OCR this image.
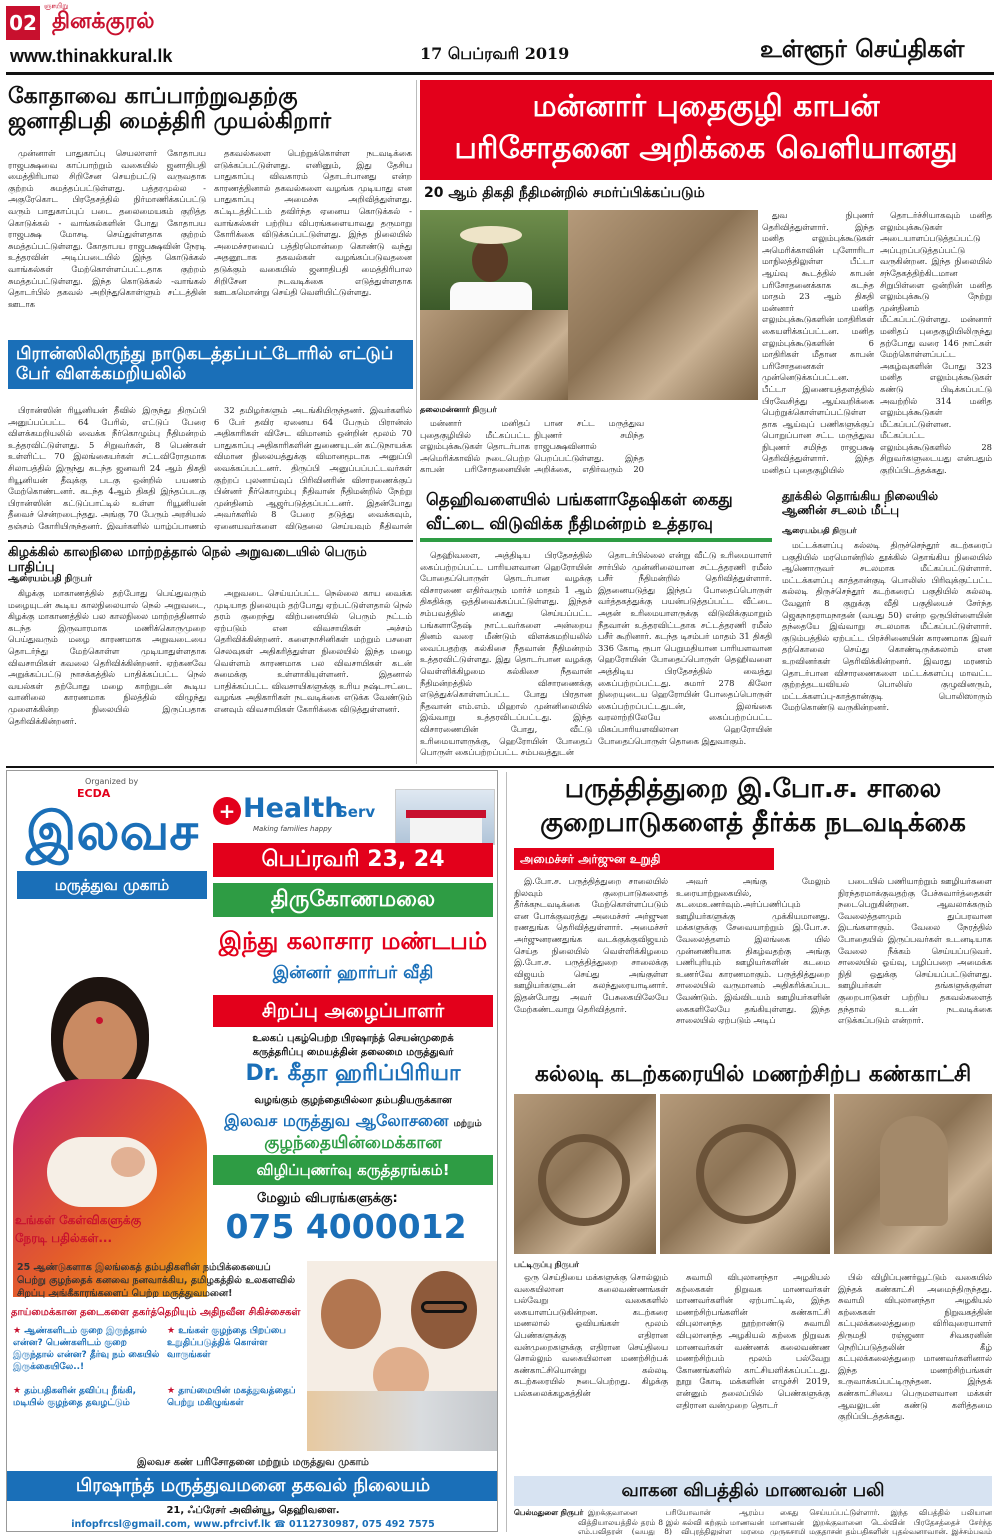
02
ஞாயிறு
தினக்குரல்
www.thinakkural.lk	17 பெப்ரவரி 2019	உள்ளூர் செய்திகள்
கோதாவை காப்பாற்றுவதற்கு
ஜனாதிபதி மைத்திரி முயல்கிறார்

முன்னாள் பாதுகாப்பு செயலாளர் கோதாபய ராஜபக்ஷவை காப்பாற்றும் வகையில் ஜனாதிபதி மைத்திரிபால சிறிசேன செயற்பட்டு வருவதாக குற்றம் சுமத்தப்பட்டுள்ளது. பத்தரமுல்ல - அகுரேகொட பிரதேசத்தில் நிர்மாணிக்கப்பட்டு வரும் பாதுகாப்புப் படை தலைமையகம் குறித்த கொடுக்கல் - வாங்கல்களின் போது கோதாபய ராஜபக்ஷ மோசடி செய்துள்ளதாக குற்றம் சுமத்தப்பட்டுள்ளது. கோதாபய ராஜபக்ஷவின் நேரடி உத்தரவின் அடிப்படையில் இந்த கொடுக்கல் வாங்கல்கள் மேற்கொள்ளப்பட்டதாக குற்றம் சுமத்தப்பட்டுள்ளது. இந்த கொடுக்கல் -வாங்கல் தொடர்பில் தகவல் அறிந்துகொள்ளும் சட்டத்தின் ஊடாக

தகவல்களை பெற்றுக்கொள்ள நடவடிக்கை எடுக்கப்பட்டுள்ளது. எனினும், இது தேசிய பாதுகாப்பு விவகாரம் தொடர்பானது என்ற காரணத்தினால் தகவல்களை வழங்க முடியாது என பாதுகாப்பு அமைச்சு அறிவித்துள்ளது. கட்டிடத்திட்டம் தவிர்ந்த ஏனைய கொடுக்கல் - வாங்கல்கள் பற்றிய விபரங்களையாவது தருமாறு கோரிக்கை விடுக்கப்பட்டுள்ளது. இந்த நிலையில் அமைச்சரவைப் பத்திரமொன்றை கொண்டு வந்து அதனூடாக தகவல்கள் வழங்கப்படுவதனை தடுக்கும் வகையில் ஜனாதிபதி மைத்திரிபால சிறிசேன நடவடிக்கை எடுத்துள்ளதாக ஊடகமொன்று செய்தி வெளியிட்டுள்ளது.

பிரான்ஸிலிருந்து நாடுகடத்தப்பட்டோரில் எட்டுப் பேர் விளக்கமறியலில்

பிரான்ஸின் ரியூனியன் தீவில் இருந்து திருப்பி அனுப்பப்பட்ட 64 பேரில், எட்டுப் பேரை விளக்கமறியலில் வைக்க நீர்கொழும்பு நீதிமன்றம் உத்தரவிட்டுள்ளது. 5 சிறுவர்கள், 8 பெண்கள் உள்ளிட்ட 70 இலங்கையர்கள் சட்டவிரோதமாக சிலாபத்தில் இருந்து கடந்த ஜனவரி 24 ஆம் திகதி ரியூனியன் தீவுக்கு படகு ஒன்றில் பயணம் மேற்கொண்டனர். கடந்த 4ஆம் திகதி இந்தப்படகு பிரான்ஸின் கட்டுப்பாட்டில் உள்ள ரியூனியன் தீவைச் சென்றடைந்தது. அங்கு 70 பேரும் அரசியல் தஞ்சம் கோரியிருந்தனர். இவர்களில் யாழ்ப்பாணம்

32 தமிழர்களும் அடங்கியிருந்தனர். இவர்களில் 6 பேர் தவிர ஏனைய 64 பேரும் பிரான்ஸ் அதிகாரிகள் விசேட விமானம் ஒன்றின் மூலம் 70 பாதுகாப்பு அதிகாரிகளின் துணையுடன் கட்டுநாயக்க விமான நிலையத்துக்கு விமானமூடாக அனுப்பி வைக்கப்பட்டனர். திருப்பி அனுப்பப்பட்டவர்கள் குற்றப் புலனாய்வுப் பிரிவினரின் விசாரணைக்குப் பின்னர் நீர்கொழும்பு நீதிவான் நீதிமன்றில் நேற்று முன்தினம் ஆஜர்படுத்தப்பட்டனர். இதன்போது அவர்களில் 8 பேரை தடுத்து வைக்கவும், ஏனையவர்களை விடுதலை செய்யவும் நீதிவான்

கிழக்கில் காலநிலை மாற்றத்தால் நெல் அறுவடையில் பெரும் பாதிப்பு
ஆரையம்பதி நிருபர்

கிழக்கு மாகாணத்தில் தற்போது பெய்துவரும் மழையுடன் கூடிய காலநிலையால் நெல் அறுவடை, கிழக்கு மாகாணத்தில் பல காலநிலை மாற்றத்தினால் கடந்த இருவாரமாக மணிக்கொருமுறை பெய்துவரும் மழை காரணமாக அறுவடையை தொடர்ந்து மேற்கொள்ள முடியாதுள்ளதாக விவசாயிகள் கவலை தெரிவிக்கின்றனர். ஏற்கனவே அறுக்கப்பட்டு நாசக்கத்தில் பாதிக்கப்பட்ட நெல் வயல்கள் தற்போது மழை காற்றுடன் கூடிய வானிலை காரணமாக நிலத்தில் விழுந்து முளைக்கின்ற நிலையில் இருப்பதாக தெரிவிக்கின்றனர்.

அறுவடை செய்யப்பட்ட நெல்லை காய வைக்க முடியாத நிலையும் தற்போது ஏற்பட்டுள்ளதால் நெல் தரம் குறைந்து விற்பனையில் பெரும் நட்டம் ஏற்படும் என விவசாயிகள் அச்சம் தெரிவிக்கின்றனர். களைநாசினிகள் மற்றும் பசளை செலவுகள் அதிகரித்துள்ள நிலையில் இந்த மழை வெள்ளம் காரணமாக பல விவசாயிகள் கடன் சுமைக்கு உள்ளாகியுள்ளனர். இதனால் பாதிக்கப்பட்ட விவசாயிகளுக்கு உரிய நஷ்டஈட்டை வழங்க அதிகாரிகள் நடவடிக்கை எடுக்க வேண்டும் எனவும் விவசாயிகள் கோரிக்கை விடுத்துள்ளனர்.

மன்னார் புதைகுழி காபன்
பரிசோதனை அறிக்கை வெளியானது
20 ஆம் திகதி நீதிமன்றில் சமர்ப்பிக்கப்படும்
தலைமன்னார் நிருபர்

மன்னார் மனிதப் புதைகுழியில் மீட்கப்பட்ட எலும்புக்கூடுகள் தொடர்பாக அமெரிக்காவில் நடைபெற்ற காபன் பரிசோதனையின்

பான சட்ட மருத்துவ நிபுணர் சமிந்த ராஜபக்ஷவினால் பெறப்பட்டுள்ளது. இந்த அறிக்கை, எதிர்வரும் 20

துவ நிபுணர் தெரிவித்துள்ளார். இந்த மனித எலும்புக்கூடுகள் அமெரிக்காவின் புளோரிடா மாநிலத்திலுள்ள பீட்டா ஆய்வு கூடத்தில் காபன் பரிசோதனைக்காக கடந்த மாதம் 23 ஆம் திகதி மன்னார் மனித எலும்புக்கூடுகளின் மாதிரிகள் கையளிக்கப்பட்டன. மனித எலும்புக்கூடுகளின் 6 மாதிரிகள் மீதான காபன் பரிசோதனைகள் முன்னெடுக்கப்பட்டன. பீட்டா இணையத்தளத்தில் பிரவேசித்து ஆய்வறிக்கை பெற்றுக்கொள்ளப்பட்டுள்ள தாக ஆய்வுப் பணிகளுக்குப் பொறுப்பான சட்ட மருத்துவ நிபுணர் சமிந்த ராஜபக்ஷ தெரிவித்துள்ளார். இந்த மனிதப் புதைகுழியில்

தொடர்ச்சியாகவும் மனித எலும்புக்கூடுகள் அடையாளப்படுத்தப்பட்டு அப்புறப்படுத்தப்பட்டு வருகின்றன. இந்த நிலையில் சந்தேகத்திற்கிடமான சிறுபிள்ளை ஒன்றின் மனித எலும்புக்கூடு நேற்று முன்தினம் மீட்கப்பட்டுள்ளது. மன்னார் மனிதப் புதைகுழியிலிருந்து தற்போது வரை 146 நாட்கள் மேற்கொள்ளப்பட்ட அகழ்வுகளின் போது 323 மனித எலும்புக்கூடுகள் கண்டு பிடிக்கப்பட்டு அவற்றில் 314 மனித எலும்புக்கூடுகள் மீட்கப்பட்டுள்ளன. மீட்கப்பட்ட எலும்புக்கூடுகளில் 28 சிறுவர்களுடையது என்பதும் குறிப்பிடத்தக்கது.

தெஹிவளையில் பங்களாதேஷிகள் கைது
வீட்டை விடுவிக்க நீதிமன்றம் உத்தரவு

தெஹிவளை, அத்திடிய பிரதேசத்தில் கைப்பற்றப்பட்ட பாரியளவான ஹெரோயின் போதைப்பொருள் தொடர்பான வழக்கு விசாரணை எதிர்வரும் மார்ச் மாதம் 1 ஆம் திகதிக்கு ஒத்திவைக்கப்பட்டுள்ளது. இந்தச் சம்பவத்தில் கைது செய்யப்பட்ட பங்களாதேஷ் நாட்டவர்களை அன்றைய தினம் வரை மீண்டும் விளக்கமறியலில் வைப்பதற்கு கல்கிசை நீதவான் நீதிமன்றம் உத்தரவிட்டுள்ளது. இது தொடர்பான வழக்கு வெள்ளிக்கிழமை கல்கிசை நீதவான் நீதிமன்றத்தில் விசாரணைக்கு எடுத்துக்கொள்ளப்பட்ட போது பிரதான நீதவான் எம்.எம். மிஹால் முன்னிலையில் இவ்வாறு உத்தரவிடப்பட்டது. இந்த விசாரணையின் போது, வீட்டு உரிமையாளருக்கு, ஹெரோயின் போதைப் பொருள் கைப்பற்றப்பட்ட சம்பவத்துடன்

தொடர்பில்லை என்று வீட்டு உரிமையாளர் சார்பில் முன்னிலையான சட்டத்தரணி ரமீஸ் பசீர் நீதிமன்றில் தெரிவித்துள்ளார். இதனையடுத்து இந்தப் போதைப்பொருள் வர்த்தகத்துக்கு பயன்படுத்தப்பட்ட வீட்டை அதன் உரிமையாளருக்கு விடுவிக்குமாறும் நீதவான் உத்தரவிட்டதாக சட்டத்தரணி ரமீஸ் பசீர் கூறினார். கடந்த டிசம்பர் மாதம் 31 திகதி 336 கோடி ரூபா பெறுமதியான பாரியளவான ஹெரோயின் போதைப்பொருள் தெஹிவளை அத்திடிய பிரதேசத்தில் வைத்து கைப்பற்றப்பட்டது. சுமார் 278 கிலோ நிறையுடைய ஹெரோயின் போதைப்பொருள் கைப்பற்றப்பட்டதுடன், இலங்கை வரலாற்றிலேயே கைப்பற்றப்பட்ட மிகப்பாரியளவிலான ஹெரோயின் போதைப்பொருள் தொகை இதுவாகும்.

தூக்கில் தொங்கிய நிலையில்
ஆணின் சடலம் மீட்பு
ஆரையம்பதி நிருபர்

மட்டக்களப்பு கல்லடி திருச்செந்தூர் கடற்கரைப் பகுதியில் மரமொன்றில் தூக்கில் தொங்கிய நிலையில் ஆணொருவர் சடலமாக மீட்கப்பட்டுள்ளார். மட்டக்களப்பு காத்தான்குடி பொலிஸ் பிரிவுக்குட்பட்ட கல்லடி திருச்செந்தூர் கடற்கரைப் பகுதியில் கல்லடி வேலூர் 8 குறுக்கு வீதி பகுதியைச் சேர்ந்த ஜெகநாதராமநாதன் (வயது 50) என்ற ஒருபிள்ளையின் தந்தையே இவ்வாறு சடலமாக மீட்கப்பட்டுள்ளார். குடும்பத்தில் ஏற்பட்ட பிரச்சினையின் காரணமாக இவர் தற்கொலை செய்து கொண்டிருக்கலாம் என உறவினர்கள் தெரிவிக்கின்றனர். இவரது மரணம் தொடர்பான விசாரணைகளை மட்டக்களப்பு மாவட்ட குற்றத்தடயவியல் பொலிஸ் குழுவினரும், மட்டக்களப்பு-காத்தான்குடி பொலிஸாரும் மேற்கொண்டு வருகின்றனர்.

Organized by
ECDA
இலவச
மருத்துவ முகாம்
+ Health
Serv
Making families happy
பெப்ரவரி 23, 24
திருகோணமலை
இந்து கலாசார மண்டபம்
இன்னர் ஹார்பர் வீதி
சிறப்பு அழைப்பாளர்
உலகப் புகழ்பெற்ற பிரஷாந்த் செயன்முறைக்
கருத்தரிப்பு மையத்தின் தலைமை மருத்துவர்
Dr. கீதா ஹரிப்பிரியா
வழங்கும் குழந்தையில்லா தம்பதியருக்கான
இலவச மருத்துவ ஆலோசனை மற்றும்
குழந்தையின்மைக்கான
விழிப்புணர்வு கருத்தரங்கம்!
மேலும் விபரங்களுக்கு:
உங்கள் கேள்விகளுக்கு
நேரடி பதில்கள்...	075 4000012
25 ஆண்டுகளாக இலங்கைத் தம்பதிகளின் நம்பிக்கையைப்
பெற்று குழந்தைக் கனவை நனவாக்கிய, தமிழகத்தில் உலகளவில்
சிறப்பு அங்கீகாரங்களைப் பெற்ற மருத்துவமனை!
தாய்மைக்கான தடைகளை தகர்த்தெறியும் அதிநவீன சிகிச்சைகள்
★ ஆண்களிடம் குறை இருந்தால் என்ன? பெண்களிடம் குறை இருந்தால் என்ன? தீர்வு நம் கையில் இருக்கையிலே..!
★ உங்கள் குழந்தை பிறப்பை உறுதிப்படுத்திக் கொள்ள வாருங்கள்
★ தம்பதிகளின் தவிப்பு நீங்கி, மடியில் குழந்தை தவழட்டும்
★ தாய்மையின் மகத்துவத்தைப் பெற்று மகிழுங்கள்
இலவச கண் பரிசோதனை மற்றும் மருத்துவ முகாம்
பிரஷாந்த் மருத்துவமனை தகவல் நிலையம்
21, ஃப்ரேசர் அவின்யூ, தெஹிவளை.
infopfrcsl@gmail.com, www.pfrcivf.lk ☎ 0112730987, 075 492 7575
பருத்தித்துறை இ.போ.ச. சாலை
குறைபாடுகளைத் தீர்க்க நடவடிக்கை
அமைச்சர் அர்ஜுன உறுதி

இ.போ.ச. பருத்தித்துறை சாலையில் நிலவும் குறைபாடுகளைத் தீர்க்கநடவடிக்கை மேற்கொள்ளப்படும் என போக்குவரத்து அமைச்சர் அர்ஜுன ரணதுங்க தெரிவித்துள்ளார். அமைச்சர் அர்ஜுனரணதுங்க வடக்குக்குவிஜயம் செய்த நிலையில் வெள்ளிக்கிழமை இ.போ.ச. பருத்தித்துறை சாலைக்கு விஜயம் செய்து அங்குள்ள ஊழியர்களுடன் கலந்துரையாடினார். இதன்போது அவர் பேசுகையிலேயே மேற்கண்டவாறு தெரிவித்தார்.

அவர் அங்கு மேலும் உரையாற்றுகையில், கடமைஉணர்வும்.அர்ப்பணிப்பும் ஊழியர்களுக்கு முக்கியமானது. மக்களுக்கு சேவையாற்றும் இ.போ.ச. வேலைத்தளம் இலங்கை யில் முன்னணியாக திகழ்வதற்கு அங்கு பணிபுரியும் ஊழியர்களின் கடமை உணர்வே காரணமாகும். பருத்தித்துறை சாலையில் வருமானம் அதிகரிக்கப்பட வேண்டும். இவ்விடயம் ஊழியர்களின் கைகளிலேயே தங்கியுள்ளது. இந்த சாலையில் ஏற்படும் அடிப்

படையில் பணியாற்றும் ஊழியர்களை நிரந்தரமாக்குவதற்கு பேச்சுவார்த்தைகள் நடைபெறுகின்றன. ஆவலாக்கரும் வேலைத்தளமும் துப்பரவான இடங்களாகும். வேலை நேரத்தில் போதையில் இருப்பவர்கள் உடனடியாக வேலை நீக்கம் செய்யப்படுவர். சாலையில் ஓய்வு, பழிப்பறை அமைக்க நிதி ஒதுக்கு செய்யப்பட்டுள்ளது. ஊழியர்கள் தங்களுக்குள்ள குறைபாடுகள் பற்றிய தகவல்களைத் தந்தால் உடன் நடவடிக்கை எடுக்கப்படும் என்றார்.

கல்லடி கடற்கரையில் மணற்சிற்ப கண்காட்சி
பட்டிருப்பு நிருபர்

ஒரு செய்தியை மக்களுக்கு சொல்லும் வகையிலான கலைவண்ணங்கள் பல்வேறு வகைகளில் கையாளப்படுகின்றன. கடற்கரை மணலால் ஓவியங்கள் மூலம் பெண்களுக்கு எதிரான வன்முறைகளுக்கு எதிரான செய்தியை சொல்லும் வகையிலான மணற்சிற்பக் கண்காட்சியொன்று கல்லடி கடற்கரையில் நடைபெற்றது. கிழக்கு பல்கலைக்கழகத்தின்

சுவாமி விபுலானந்தா அழகியல் கற்கைகள் நிறுவக மாணவர்கள் மாணவர்களின் ஏற்பாட்டில், இந்த மணற்சிற்பங்களின் கண்காட்சி விபுலானந்த நூற்றாண்டு சுவாமி விபுலானந்த அழகியல் கற்கை நிறுவக மாணவர்கள் வண்ணக் கலைவண்ண மணற்சிற்பம் மூலம் பல்வேறு கோணங்களில் காட்சியளிக்கப்பட்டது. நூறு கோடி மக்களின் எழுச்சி 2019, என்னும் தலைப்பில் பெண்களுக்கு எதிரான வன்முறை தொடர்

பில் விழிப்புணர்வூட்டும் வகையில் இந்தக் கண்காட்சி அமைந்திருந்தது. சுவாமி விபுலானந்தா அழகியல் கற்கைகள் நிறுவகத்தின் கட்புலக்கலைத்துறை விரிவுரையாளர் திருமதி ரஞ்ஜனா சிவகரனின் நெறிப்படுத்தலின் கீழ் கட்புலக்கலைத்துறை மாணவர்களினால் இந்த மணற்சிற்பங்கள் உருவாக்கப்பட்டிருந்தன. இந்தக் கண்காட்சியை பெருமளவான மக்கள் ஆவலுடன் கண்டு களித்தமை குறிப்பிடத்தக்கது.

வாகன விபத்தில் மாணவன் பலி
பெல்மதுளை நிருபர் இறக்குவானை பரியோவான் ஆரம்ப வித்தியாலயத்தில் தரம் 8 இல் கல்வி கற்கும் மாணவன் எம்.பவிதரன் (வயது 8) விபுரத்திலுள்ள மரமை

கைது செய்யப்பட்டுள்ளார். இந்த விபத்தில் பலியான மாணவன் இறக்குவானை டெல்வின் பிரதேசத்தைச் சேர்ந்த முருகசாமி மகுதாசன் தம்பதிகளின் புதல்வனாவான். இச்சம்பவம்
